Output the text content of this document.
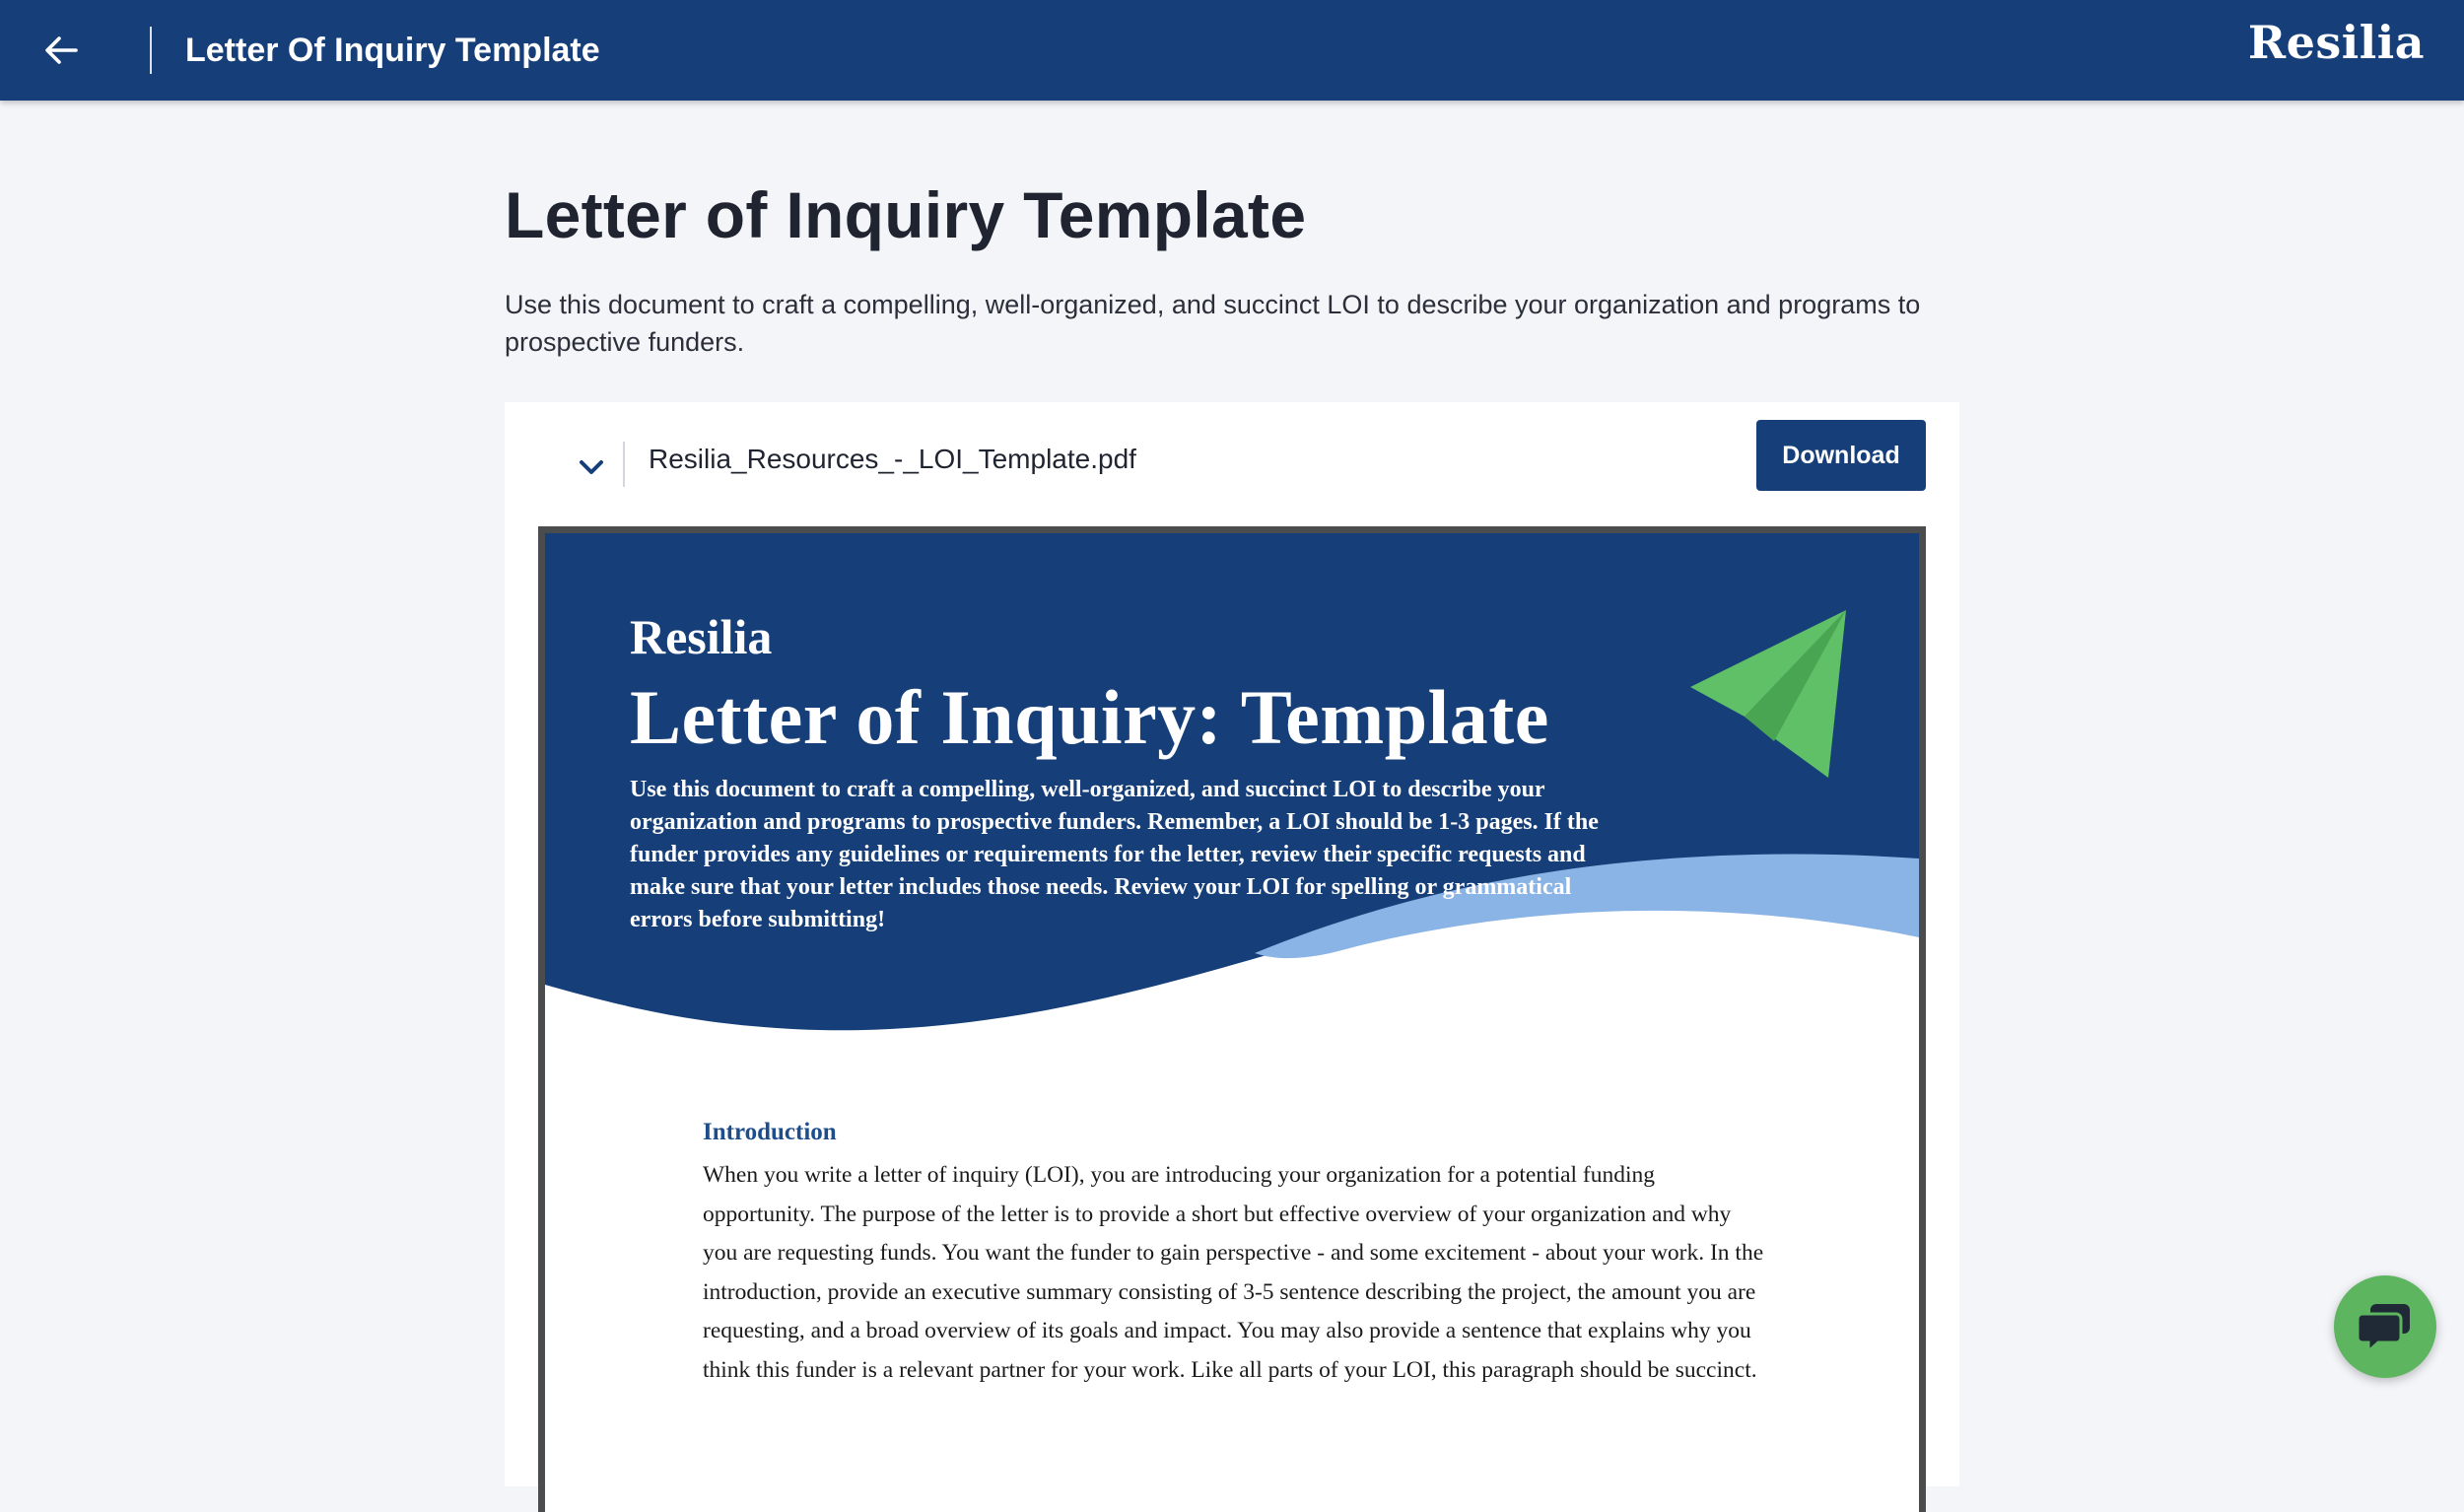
Letter Of Inquiry Template	Resilia
Letter of Inquiry Template

Use this document to craft a compelling, well-organized, and succinct LOI to describe your organization and programs to prospective funders.

Resilia_Resources_-_LOI_Template.pdf	Download
Resilia
Letter of Inquiry: Template
Use this document to craft a compelling, well-organized, and succinct LOI to describe your organization and programs to prospective funders. Remember, a LOI should be 1-3 pages. If the funder provides any guidelines or requirements for the letter, review their specific requests and make sure that your letter includes those needs. Review your LOI for spelling or grammatical errors before submitting!
Introduction
When you write a letter of inquiry (LOI), you are introducing your organization for a potential funding opportunity. The purpose of the letter is to provide a short but effective overview of your organization and why you are requesting funds. You want the funder to gain perspective - and some excitement - about your work. In the introduction, provide an executive summary consisting of 3-5 sentence describing the project, the amount you are requesting, and a broad overview of its goals and impact. You may also provide a sentence that explains why you think this funder is a relevant partner for your work. Like all parts of your LOI, this paragraph should be succinct.
